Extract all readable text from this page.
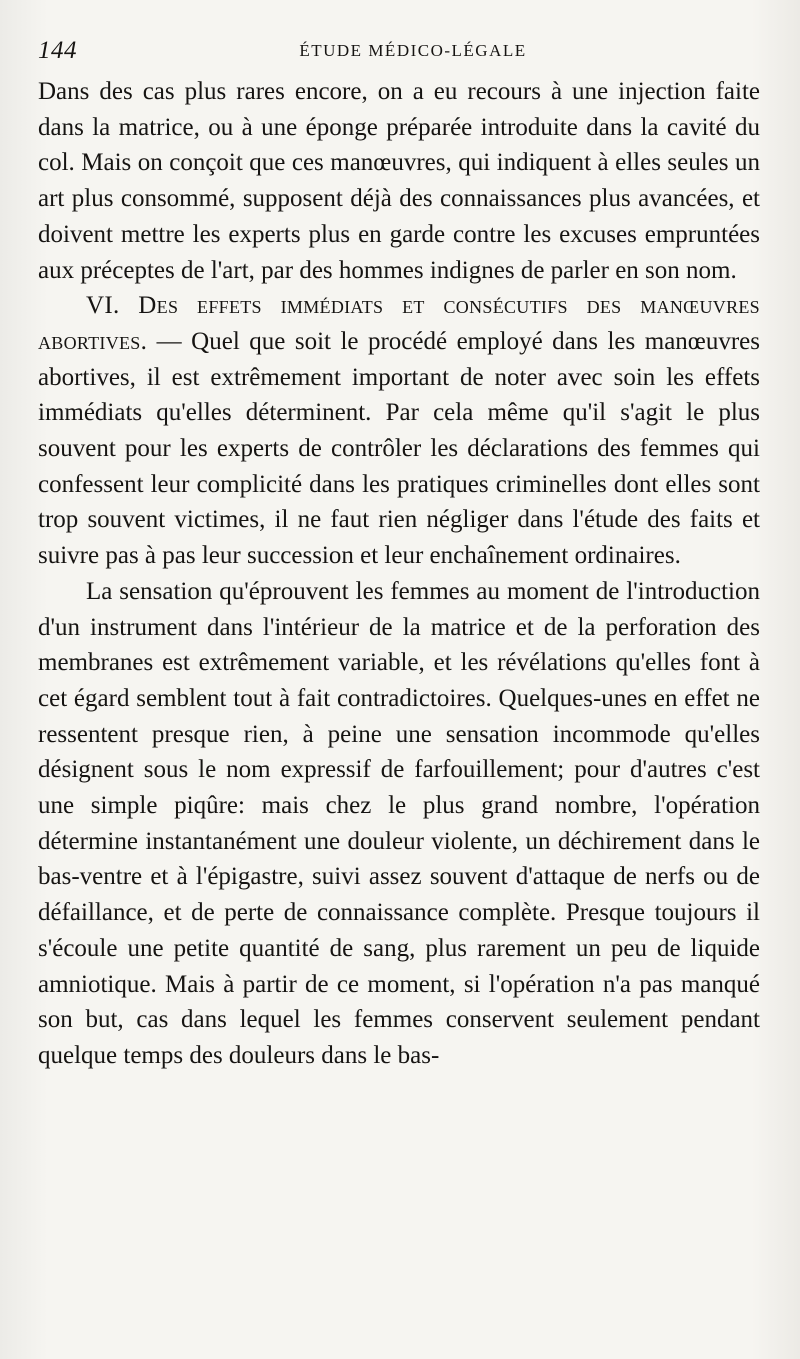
144	ÉTUDE MÉDICO-LÉGALE

Dans des cas plus rares encore, on a eu recours à une injection faite dans la matrice, ou à une éponge préparée introduite dans la cavité du col. Mais on conçoit que ces manœuvres, qui indiquent à elles seules un art plus consommé, supposent déjà des connaissances plus avancées, et doivent mettre les experts plus en garde contre les excuses empruntées aux préceptes de l'art, par des hommes indignes de parler en son nom.

VI. Des effets immédiats et consécutifs des manœuvres abortives. — Quel que soit le procédé employé dans les manœuvres abortives, il est extrêmement important de noter avec soin les effets immédiats qu'elles déterminent. Par cela même qu'il s'agit le plus souvent pour les experts de contrôler les déclarations des femmes qui confessent leur complicité dans les pratiques criminelles dont elles sont trop souvent victimes, il ne faut rien négliger dans l'étude des faits et suivre pas à pas leur succession et leur enchaînement ordinaires.

La sensation qu'éprouvent les femmes au moment de l'introduction d'un instrument dans l'intérieur de la matrice et de la perforation des membranes est extrêmement variable, et les révélations qu'elles font à cet égard semblent tout à fait contradictoires. Quelques-unes en effet ne ressentent presque rien, à peine une sensation incommode qu'elles désignent sous le nom expressif de farfouillement; pour d'autres c'est une simple piqûre: mais chez le plus grand nombre, l'opération détermine instantanément une douleur violente, un déchirement dans le bas-ventre et à l'épigastre, suivi assez souvent d'attaque de nerfs ou de défaillance, et de perte de connaissance complète. Presque toujours il s'écoule une petite quantité de sang, plus rarement un peu de liquide amniotique. Mais à partir de ce moment, si l'opération n'a pas manqué son but, cas dans lequel les femmes conservent seulement pendant quelque temps des douleurs dans le bas-
